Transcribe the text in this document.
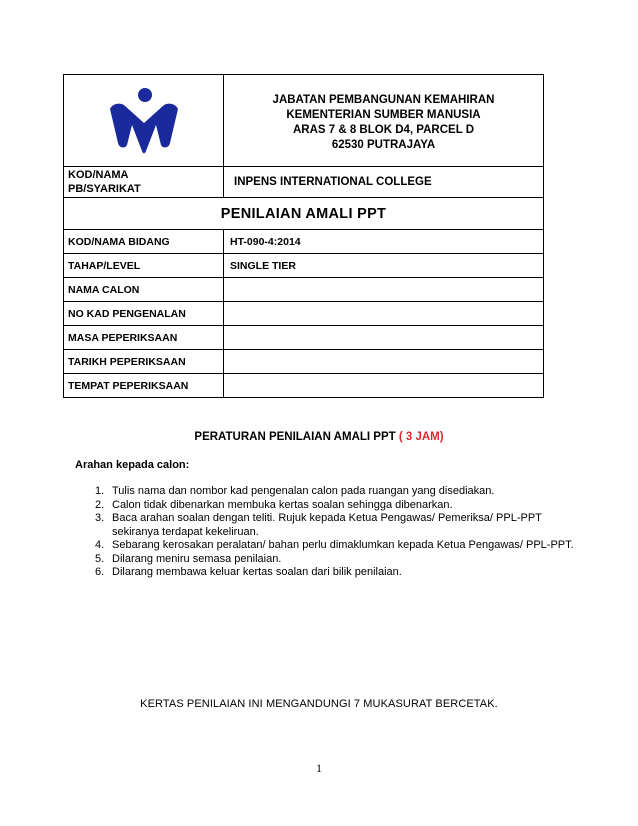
JABATAN PEMBANGUNAN KEMAHIRAN
KEMENTERIAN SUMBER MANUSIA
ARAS 7 & 8 BLOK D4, PARCEL D
62530 PUTRAJAYA

KOD/NAMA
PB/SYARIKAT	INPENS INTERNATIONAL COLLEGE
PENILAIAN AMALI PPT	
KOD/NAMA BIDANG	HT-090-4:2014
TAHAP/LEVEL	SINGLE TIER
NAMA CALON	
NO KAD PENGENALAN	
MASA PEPERIKSAAN	
TARIKH PEPERIKSAAN	
TEMPAT PEPERIKSAAN	
PERATURAN PENILAIAN AMALI PPT ( 3 JAM)
Arahan kepada calon:
1. Tulis nama dan nombor kad pengenalan calon pada ruangan yang disediakan.
2. Calon tidak dibenarkan membuka kertas soalan sehingga dibenarkan.
3. Baca arahan soalan dengan teliti. Rujuk kepada Ketua Pengawas/ Pemeriksa/ PPL-PPT sekiranya terdapat kekeliruan.
4. Sebarang kerosakan peralatan/ bahan perlu dimaklumkan kepada Ketua Pengawas/ PPL-PPT.
5. Dilarang meniru semasa penilaian.
6. Dilarang membawa keluar kertas soalan dari bilik penilaian.
KERTAS PENILAIAN INI MENGANDUNGI 7 MUKASURAT BERCETAK.
1
